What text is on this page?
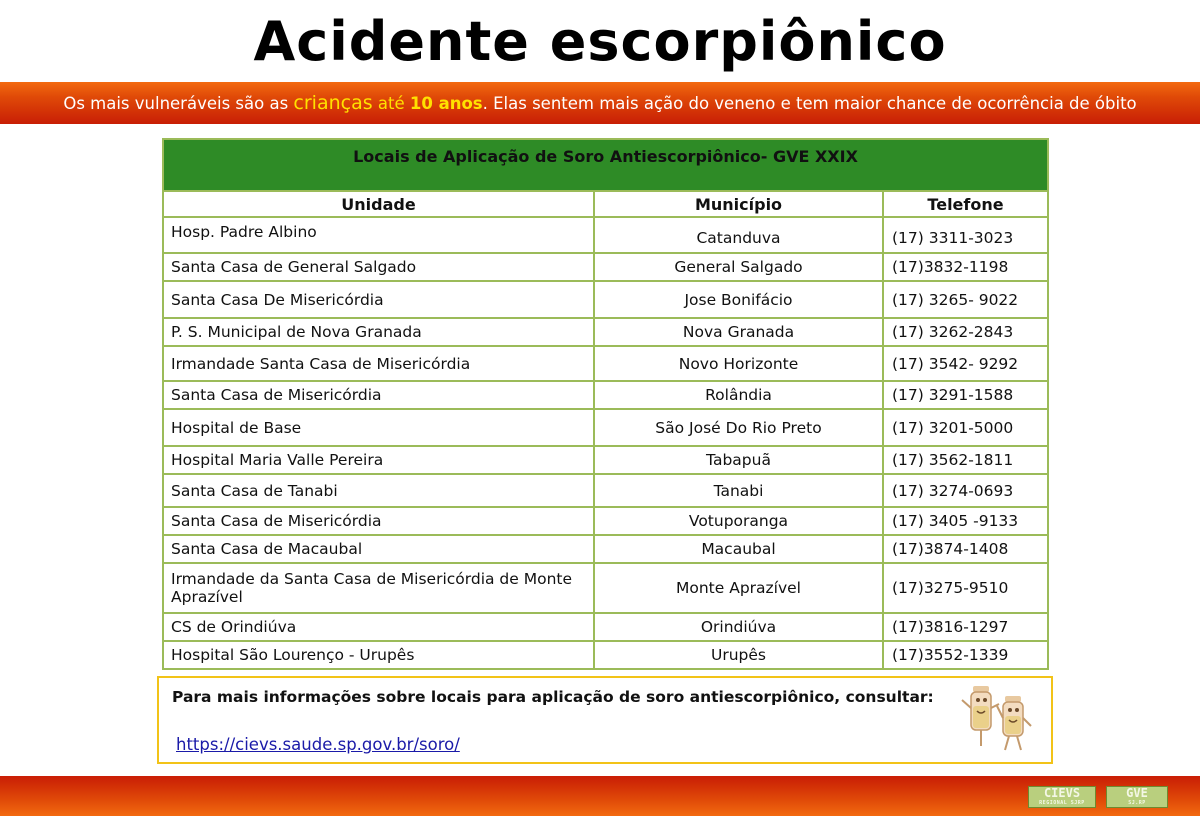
Acidente escorpiônico
Os mais vulneráveis são as crianças até 10 anos. Elas sentem mais ação do veneno e tem maior chance de ocorrência de óbito
Locais de Aplicação de Soro Antiescorpiônico- GVE XXIX		
Unidade	Município	Telefone
Hosp. Padre Albino	Catanduva	(17) 3311-3023
Santa Casa de General Salgado	General Salgado	(17)3832-1198
Santa Casa De Misericórdia	Jose Bonifácio	(17) 3265- 9022
P. S. Municipal de Nova Granada	Nova Granada	(17) 3262-2843
Irmandade Santa Casa de Misericórdia	Novo Horizonte	(17) 3542- 9292
Santa Casa de Misericórdia	Rolândia	(17) 3291-1588
Hospital de Base	São José Do Rio Preto	(17) 3201-5000
Hospital Maria Valle Pereira	Tabapuã	(17) 3562-1811
Santa Casa de Tanabi	Tanabi	(17) 3274-0693
Santa Casa de Misericórdia	Votuporanga	(17) 3405 -9133
Santa Casa de Macaubal	Macaubal	(17)3874-1408
Irmandade da Santa Casa de Misericórdia de Monte Aprazível	Monte Aprazível	(17)3275-9510
CS de Orindiúva	Orindiúva	(17)3816-1297
Hospital São Lourenço - Urupês	Urupês	(17)3552-1339
Para mais informações sobre locais para aplicação de soro antiescorpiônico, consultar:
https://cievs.saude.sp.gov.br/soro/
CIEVS
REGIONAL SJRP
GVE
SJ.RP
